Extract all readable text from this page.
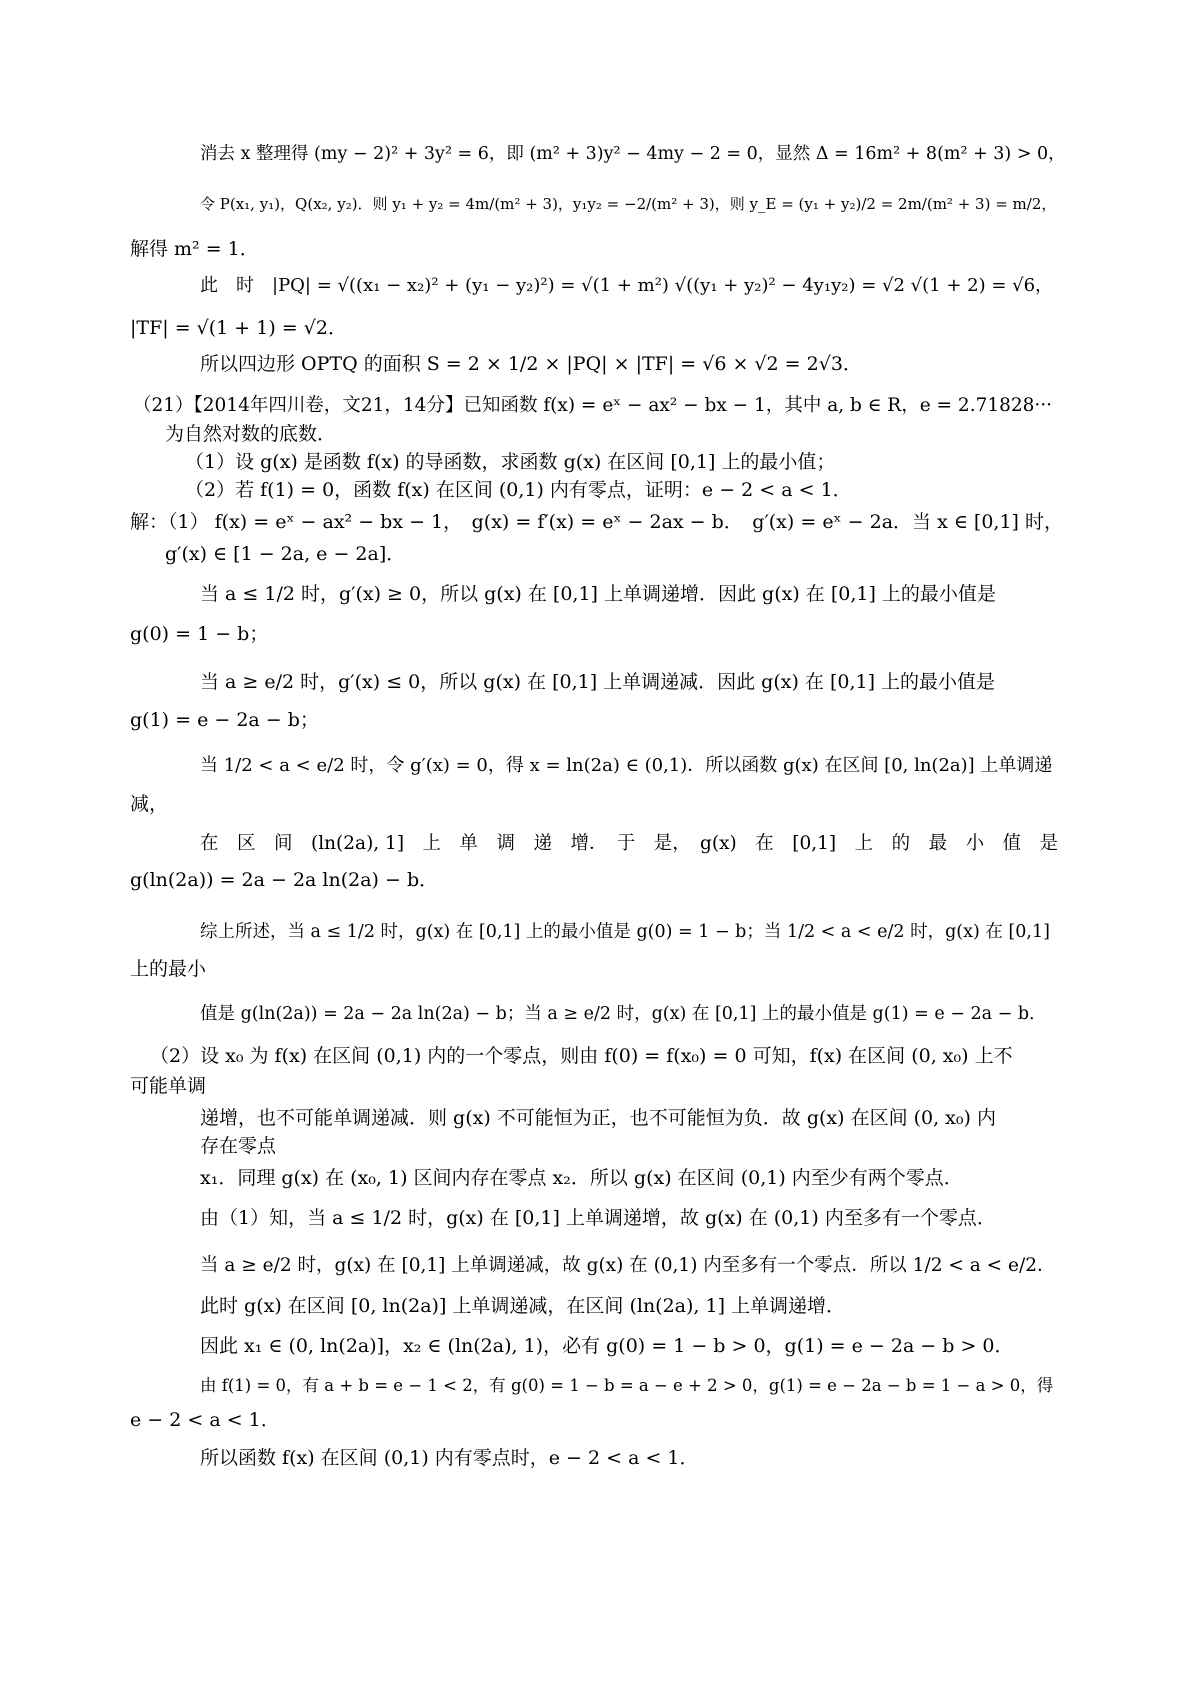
消去 x 整理得 (my − 2)² + 3y² = 6，即 (m² + 3)y² − 4my − 2 = 0，显然 Δ = 16m² + 8(m² + 3) > 0，
令 P(x₁, y₁)，Q(x₂, y₂)．则 y₁ + y₂ = 4m/(m² + 3)，y₁y₂ = −2/(m² + 3)，则 y_E = (y₁ + y₂)/2 = 2m/(m² + 3) = m/2，
解得 m² = 1．
此　时　|PQ| = √((x₁ − x₂)² + (y₁ − y₂)²) = √(1 + m²) √((y₁ + y₂)² − 4y₁y₂) = √2 √(1 + 2) = √6，
|TF| = √(1 + 1) = √2．
所以四边形 OPTQ 的面积 S = 2 × 1/2 × |PQ| × |TF| = √6 × √2 = 2√3．
（21）【2014年四川卷，文21，14分】已知函数 f(x) = eˣ − ax² − bx − 1，其中 a, b ∈ R，e = 2.71828···
为自然对数的底数．
（1）设 g(x) 是函数 f(x) 的导函数，求函数 g(x) 在区间 [0,1] 上的最小值；
（2）若 f(1) = 0，函数 f(x) 在区间 (0,1) 内有零点，证明：e − 2 < a < 1．
解：（1） f(x) = eˣ − ax² − bx − 1，　g(x) = f′(x) = eˣ − 2ax − b．　g′(x) = eˣ − 2a．当 x ∈ [0,1] 时，
g′(x) ∈ [1 − 2a, e − 2a]．
当 a ≤ 1/2 时，g′(x) ≥ 0，所以 g(x) 在 [0,1] 上单调递增．因此 g(x) 在 [0,1] 上的最小值是
g(0) = 1 − b；
当 a ≥ e/2 时，g′(x) ≤ 0，所以 g(x) 在 [0,1] 上单调递减．因此 g(x) 在 [0,1] 上的最小值是
g(1) = e − 2a − b；
当 1/2 < a < e/2 时，令 g′(x) = 0，得 x = ln(2a) ∈ (0,1)．所以函数 g(x) 在区间 [0, ln(2a)] 上单调递
减，
在　区　间　(ln(2a), 1]　上　单　调　递　增．　于　是，　g(x)　在　[0,1]　上　的　最　小　值　是
g(ln(2a)) = 2a − 2a ln(2a) − b．
综上所述，当 a ≤ 1/2 时，g(x) 在 [0,1] 上的最小值是 g(0) = 1 − b；当 1/2 < a < e/2 时，g(x) 在 [0,1]
上的最小
值是 g(ln(2a)) = 2a − 2a ln(2a) − b；当 a ≥ e/2 时，g(x) 在 [0,1] 上的最小值是 g(1) = e − 2a − b．
（2）设 x₀ 为 f(x) 在区间 (0,1) 内的一个零点，则由 f(0) = f(x₀) = 0 可知，f(x) 在区间 (0, x₀) 上不
可能单调
递增，也不可能单调递减．则 g(x) 不可能恒为正，也不可能恒为负．故 g(x) 在区间 (0, x₀) 内
存在零点
x₁．同理 g(x) 在 (x₀, 1) 区间内存在零点 x₂．所以 g(x) 在区间 (0,1) 内至少有两个零点．
由（1）知，当 a ≤ 1/2 时，g(x) 在 [0,1] 上单调递增，故 g(x) 在 (0,1) 内至多有一个零点．
当 a ≥ e/2 时，g(x) 在 [0,1] 上单调递减，故 g(x) 在 (0,1) 内至多有一个零点．所以 1/2 < a < e/2．
此时 g(x) 在区间 [0, ln(2a)] 上单调递减，在区间 (ln(2a), 1] 上单调递增．
因此 x₁ ∈ (0, ln(2a)]，x₂ ∈ (ln(2a), 1)，必有 g(0) = 1 − b > 0，g(1) = e − 2a − b > 0．
由 f(1) = 0，有 a + b = e − 1 < 2，有 g(0) = 1 − b = a − e + 2 > 0，g(1) = e − 2a − b = 1 − a > 0，得
e − 2 < a < 1．
所以函数 f(x) 在区间 (0,1) 内有零点时，e − 2 < a < 1．
